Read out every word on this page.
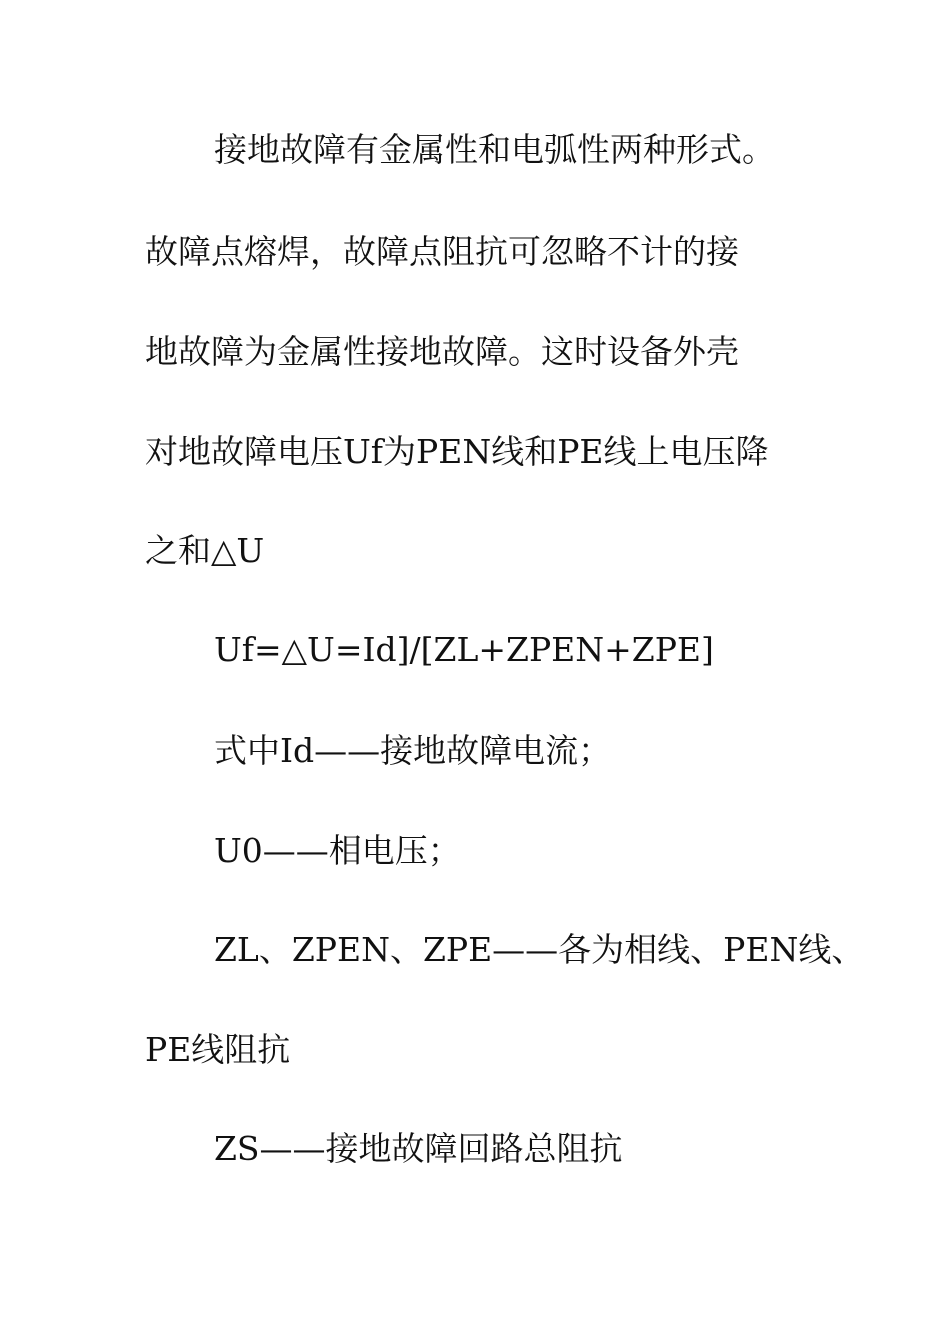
接地故障有金属性和电弧性两种形式。
故障点熔焊，故障点阻抗可忽略不计的接
地故障为金属性接地故障。这时设备外壳
对地故障电压Uf为PEN线和PE线上电压降
之和△U
Uf=△U=Id]/[ZL+ZPEN+ZPE]
式中Id——接地故障电流；
U0——相电压；
ZL、ZPEN、ZPE——各为相线、PEN线、
PE线阻抗
ZS——接地故障回路总阻抗
